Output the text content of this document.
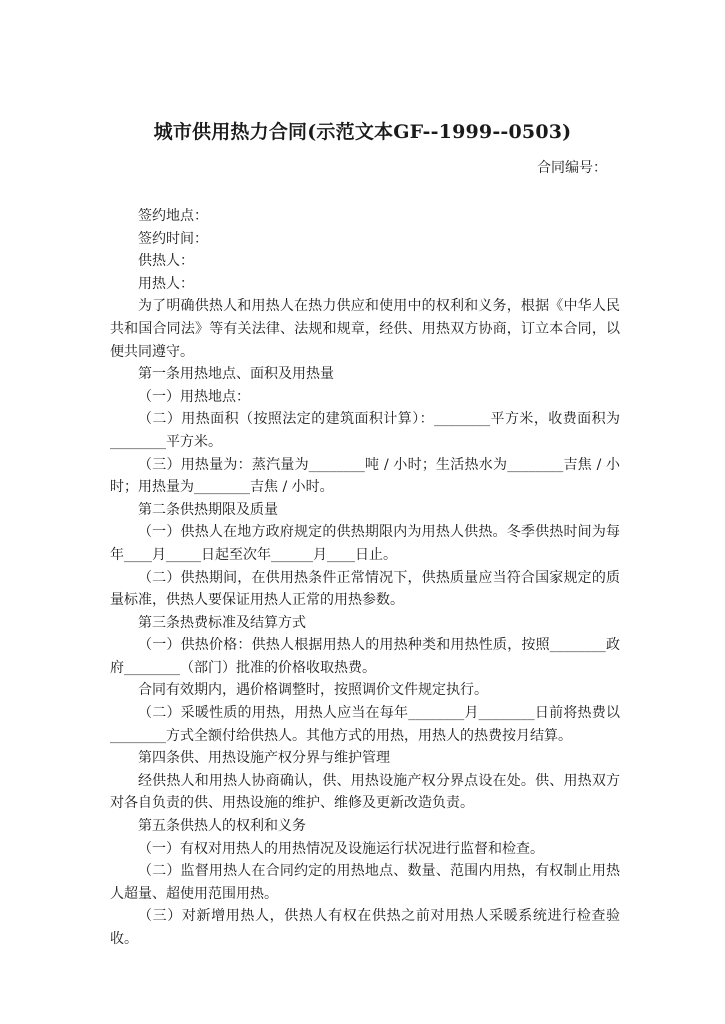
城市供用热力合同(示范文本GF--1999--0503)
合同编号：

签约地点：

签约时间：

供热人：

用热人：

为了明确供热人和用热人在热力供应和使用中的权利和义务，根据《中华人民共和国合同法》等有关法律、法规和规章，经供、用热双方协商，订立本合同，以便共同遵守。

第一条用热地点、面积及用热量

（一）用热地点：

（二）用热面积（按照法定的建筑面积计算）：________平方米，收费面积为________平方米。

（三）用热量为：蒸汽量为________吨 / 小时；生活热水为________吉焦 / 小时；用热量为________吉焦 / 小时。

第二条供热期限及质量

（一）供热人在地方政府规定的供热期限内为用热人供热。冬季供热时间为每年____月_____日起至次年______月____日止。

（二）供热期间，在供用热条件正常情况下，供热质量应当符合国家规定的质量标准，供热人要保证用热人正常的用热参数。

第三条热费标准及结算方式

（一）供热价格：供热人根据用热人的用热种类和用热性质，按照________政府________（部门）批准的价格收取热费。

合同有效期内，遇价格调整时，按照调价文件规定执行。

（二）采暖性质的用热，用热人应当在每年________月________日前将热费以________方式全额付给供热人。其他方式的用热，用热人的热费按月结算。

第四条供、用热设施产权分界与维护管理

经供热人和用热人协商确认，供、用热设施产权分界点设在处。供、用热双方对各自负责的供、用热设施的维护、维修及更新改造负责。

第五条供热人的权利和义务

（一）有权对用热人的用热情况及设施运行状况进行监督和检查。

（二）监督用热人在合同约定的用热地点、数量、范围内用热，有权制止用热人超量、超使用范围用热。

（三）对新增用热人，供热人有权在供热之前对用热人采暖系统进行检查验收。
